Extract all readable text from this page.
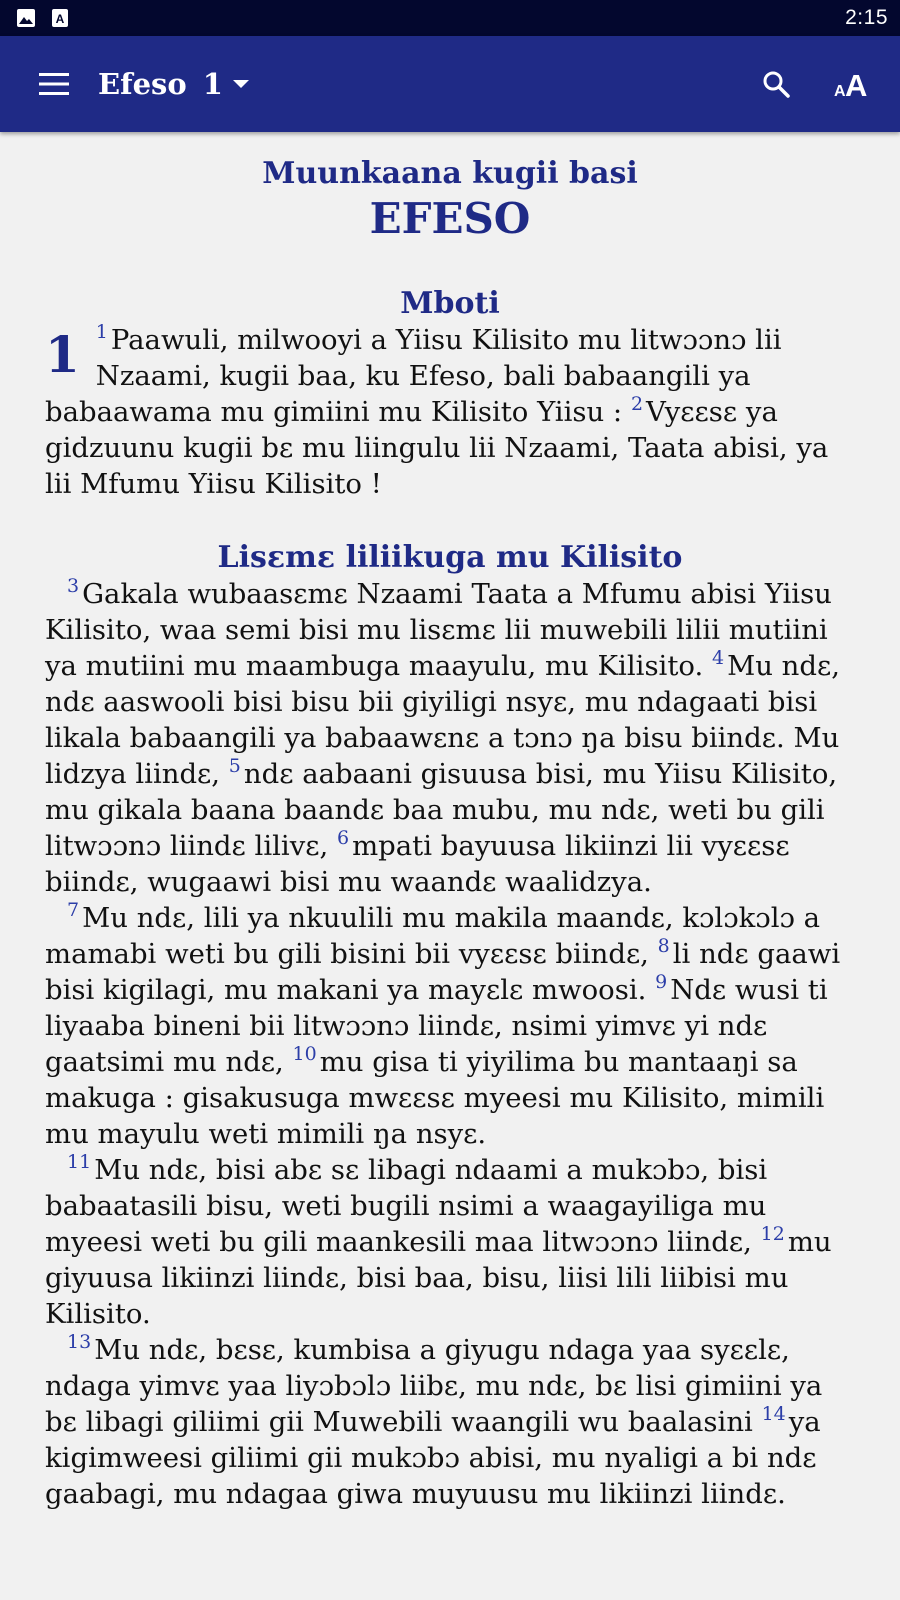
A	2:15
Efeso 1	A A
Muunkaana kugii basi
EFESO
Mboti

1 $^1$ Paawuli, milwooyi a Yiisu Kilisito mu litwɔɔnɔ lii Nzaami, kugii baa, ku Efeso, bali babaangili ya babaawama mu gimiini mu Kilisito Yiisu : $^2$ Vyɛɛsɛ ya gidzuunu kugii bɛ mu liingulu lii Nzaami, Taata abisi, ya lii Mfumu Yiisu Kilisito !

Lisɛmɛ liliikuga mu Kilisito

$^3$ Gakala wubaasɛmɛ Nzaami Taata a Mfumu abisi Yiisu Kilisito, waa semi bisi mu lisɛmɛ lii muwebili lilii mutiini ya mutiini mu maambuga maayulu, mu Kilisito. $^4$ Mu ndɛ, ndɛ aaswooli bisi bisu bii giyiligi nsyɛ, mu ndagaati bisi likala babaangili ya babaawɛnɛ a tɔnɔ ŋa bisu biindɛ. Mu lidzya liindɛ, $^5$ ndɛ aabaani gisuusa bisi, mu Yiisu Kilisito, mu gikala baana baandɛ baa mubu, mu ndɛ, weti bu gili litwɔɔnɔ liindɛ lilivɛ, $^6$ mpati bayuusa likiinzi lii vyɛɛsɛ biindɛ, wugaawi bisi mu waandɛ waalidzya.

$^7$ Mu ndɛ, lili ya nkuulili mu makila maandɛ, kɔlɔkɔlɔ a mamabi weti bu gili bisini bii vyɛɛsɛ biindɛ, $^8$ li ndɛ gaawi bisi kigilagi, mu makani ya mayɛlɛ mwoosi. $^9$ Ndɛ wusi ti liyaaba bineni bii litwɔɔnɔ liindɛ, nsimi yimvɛ yi ndɛ gaatsimi mu ndɛ, $^{10}$ mu gisa ti yiyilima bu mantaaŋi sa makuga : gisakusuga mwɛɛsɛ myeesi mu Kilisito, mimili mu mayulu weti mimili ŋa nsyɛ.

$^{11}$ Mu ndɛ, bisi abɛ sɛ libagi ndaami a mukɔbɔ, bisi babaatasili bisu, weti bugili nsimi a waagayiliga mu myeesi weti bu gili maankesili maa litwɔɔnɔ liindɛ, $^{12}$ mu giyuusa likiinzi liindɛ, bisi baa, bisu, liisi lili liibisi mu Kilisito.

$^{13}$ Mu ndɛ, bɛsɛ, kumbisa a giyugu ndaga yaa syɛɛlɛ, ndaga yimvɛ yaa liyɔbɔlɔ liibɛ, mu ndɛ, bɛ lisi gimiini ya bɛ libagi giliimi gii Muwebili waangili wu baalasini $^{14}$ ya kigimweesi giliimi gii mukɔbɔ abisi, mu nyaligi a bi ndɛ gaabagi, mu ndagaa giwa muyuusu mu likiinzi liindɛ.
